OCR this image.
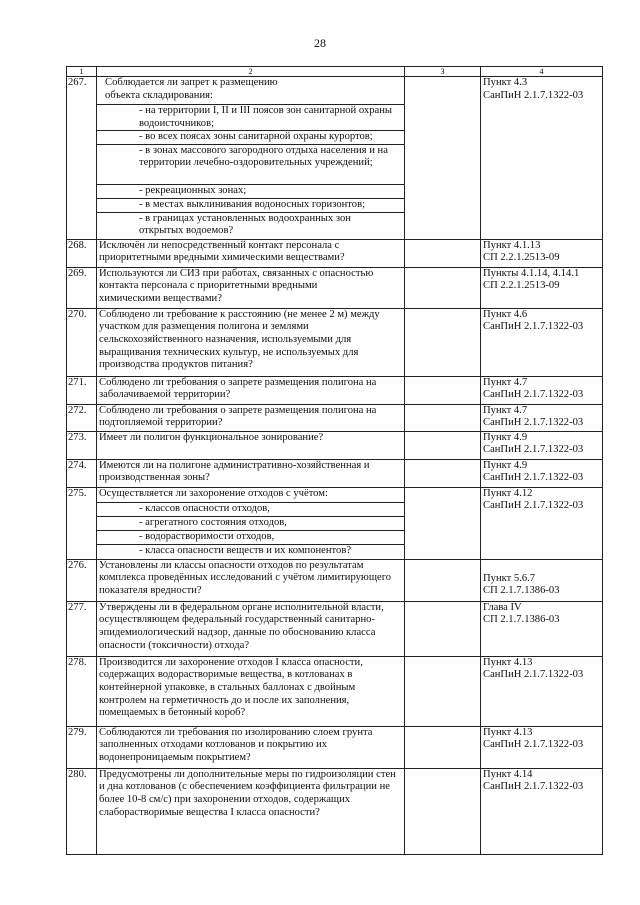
28
1	2	3	4
267.	Соблюдается ли запрет к размещению объекта складирования:		Пункт 4.3
СанПиН 2.1.7.1322-03

	- на территории I, II и III поясов зон санитарной охраны водоисточников;		
	- во всех поясах зоны санитарной охраны курортов;		
	- в зонах массового загородного отдыха населения и на территории лечебно-оздоровительных учреждений;		
	- рекреационных зонах;		
	- в местах выклинивания водоносных горизонтов;		
	- в границах установленных водоохранных зон открытых водоемов?		
268.	Исключён ли непосредственный контакт персонала с приоритетными вредными химическими веществами?		Пункт 4.1.13
СП 2.2.1.2513-09

269.	Используются ли СИЗ при работах, связанных с опасностью контакта персонала с приоритетными вредными химическими веществами?		Пункты 4.1.14, 4.14.1
СП 2.2.1.2513-09

270.	Соблюдено ли требование к расстоянию (не менее 2 м) между участком для размещения полигона и землями сельскохозяйственного назначения, используемыми для выращивания технических культур, не используемых для производства продуктов питания?		Пункт 4.6
СанПиН 2.1.7.1322-03

271.	Соблюдено ли требования о запрете размещения полигона на заболачиваемой территории?		Пункт 4.7
СанПиН 2.1.7.1322-03

272.	Соблюдено ли требования о запрете размещения полигона на подтопляемой территории?		Пункт 4.7
СанПиН 2.1.7.1322-03

273.	Имеет ли полигон функциональное зонирование?		Пункт 4.9
СанПиН 2.1.7.1322-03

274.	Имеются ли на полигоне административно-хозяйственная и производственная зоны?		Пункт 4.9
СанПиН 2.1.7.1322-03

275.	Осуществляется ли захоронение отходов с учётом:		Пункт 4.12
СанПиН 2.1.7.1322-03

	- классов опасности отходов,		
	- агрегатного состояния отходов,		
	- водорастворимости отходов,		
	- класса опасности веществ и их компонентов?		
276.	Установлены ли классы опасности отходов по результатам комплекса проведённых исследований с учётом лимитирующего показателя вредности?		Пункт 5.6.7
СП 2.1.7.1386-03

277.	Утверждены ли в федеральном органе исполнительной власти, осуществляющем федеральный государственный санитарно-эпидемиологический надзор, данные по обоснованию класса опасности (токсичности) отхода?		Глава IV
СП 2.1.7.1386-03

278.	Производится ли захоронение отходов I класса опасности, содержащих водорастворимые вещества, в котлованах в контейнерной упаковке, в стальных баллонах с двойным контролем на герметичность до и после их заполнения, помещаемых в бетонный короб?		Пункт 4.13
СанПиН 2.1.7.1322-03

279.	Соблюдаются ли требования по изолированию слоем грунта заполненных отходами котлованов и покрытию их водонепроницаемым покрытием?		Пункт 4.13
СанПиН 2.1.7.1322-03

280.	Предусмотрены ли дополнительные меры по гидроизоляции стен и дна котлованов (с обеспечением коэффициента фильтрации не более 10-8 см/с) при захоронении отходов, содержащих слаборастворимые вещества I класса опасности?		Пункт 4.14
СанПиН 2.1.7.1322-03
